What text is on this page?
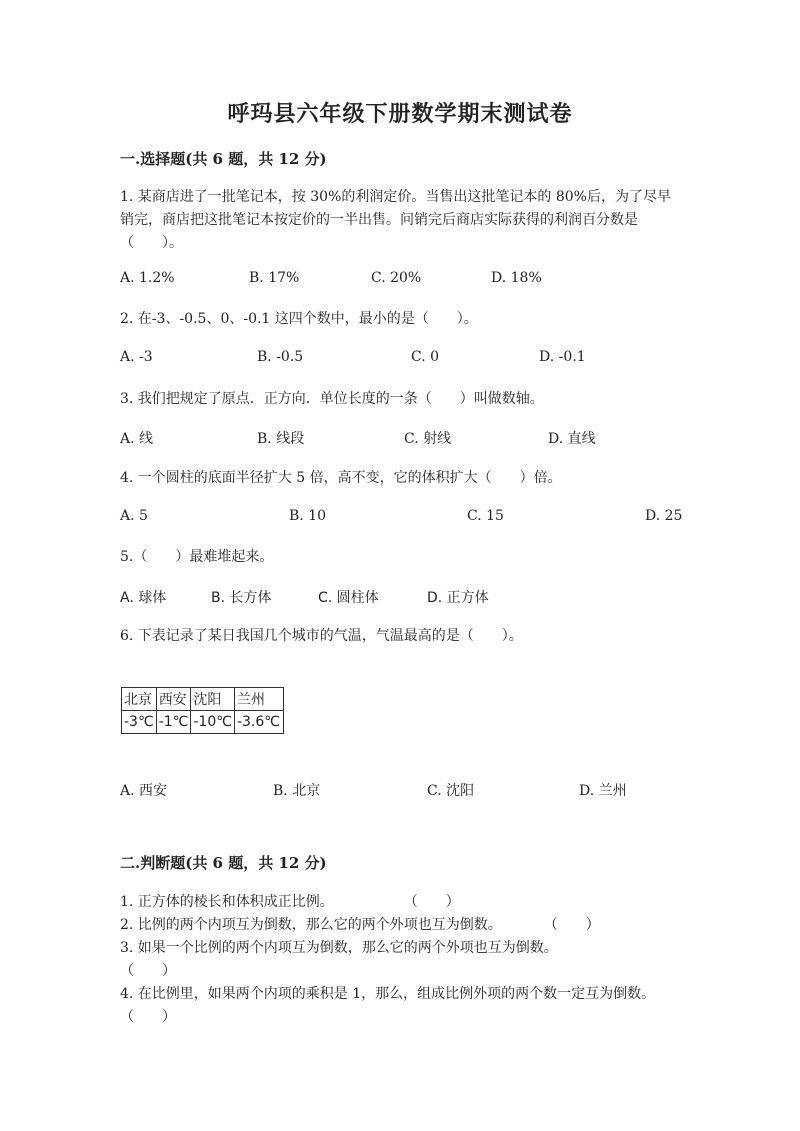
呼玛县六年级下册数学期末测试卷
一.选择题(共 6 题，共 12 分)
1. 某商店进了一批笔记本，按 30%的利润定价。当售出这批笔记本的 80%后，为了尽早销完，商店把这批笔记本按定价的一半出售。问销完后商店实际获得的利润百分数是（　　）。
A. 1.2%	B. 17%	C. 20%	D. 18%
2. 在-3、-0.5、0、-0.1 这四个数中，最小的是（　　）。
A. -3	B. -0.5	C. 0	D. -0.1
3. 我们把规定了原点．正方向．单位长度的一条（　　）叫做数轴。
A. 线	B. 线段	C. 射线	D. 直线
4. 一个圆柱的底面半径扩大 5 倍，高不变，它的体积扩大（　　）倍。
A. 5	B. 10	C. 15	D. 25
5.（　　）最难堆起来。
A. 球体	B. 长方体	C. 圆柱体	D. 正方体
6. 下表记录了某日我国几个城市的气温，气温最高的是（　　）。
北京	西安	沈阳	兰州
-3℃	-1℃	-10℃	-3.6℃
A. 西安	B. 北京	C. 沈阳	D. 兰州
二.判断题(共 6 题，共 12 分)
1. 正方体的棱长和体积成正比例。　　　　　　（　　）
2. 比例的两个内项互为倒数，那么它的两个外项也互为倒数。　　　　（　　）
3. 如果一个比例的两个内项互为倒数，那么它的两个外项也互为倒数。
（　　）
4. 在比例里，如果两个内项的乘积是 1，那么，组成比例外项的两个数一定互为倒数。　　（　　）
